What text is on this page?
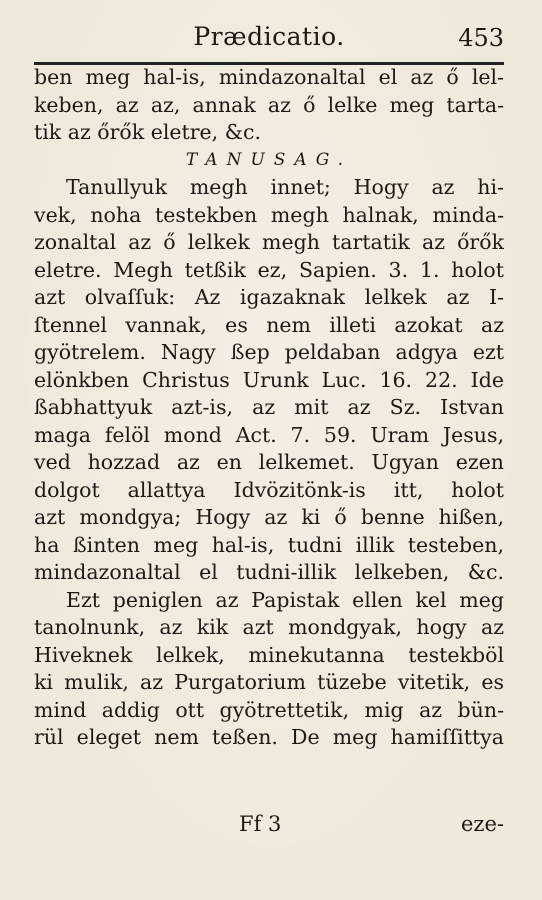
Prædicatio.	453
ben meg hal-is, mindazonaltal el az ő lel-
keben, az az, annak az ő lelke meg tarta-
tik az őrők eletre, &c.
TANUSAG.
Tanullyuk megh innet; Hogy az hi-
vek, noha testekben megh halnak, minda-
zonaltal az ő lelkek megh tartatik az őrők
eletre. Megh tetßik ez, Sapien. 3. 1. holot
azt olvaſſuk: Az igazaknak lelkek az I-
ſtennel vannak, es nem illeti azokat az
gyötrelem. Nagy ßep peldaban adgya ezt
elönkben Christus Urunk Luc. 16. 22. Ide
ßabhattyuk azt-is, az mit az Sz. Istvan
maga felöl mond Act. 7. 59. Uram Jesus,
ved hozzad az en lelkemet. Ugyan ezen
dolgot allattya Idvözitönk-is itt, holot
azt mondgya; Hogy az ki ő benne hißen,
ha ßinten meg hal-is, tudni illik testeben,
mindazonaltal el tudni-illik lelkeben, &c.
Ezt peniglen az Papistak ellen kel meg
tanolnunk, az kik azt mondgyak, hogy az
Hiveknek lelkek, minekutanna testekböl
ki mulik, az Purgatorium tüzebe vitetik, es
mind addig ott gyötrettetik, mig az bün-
rül eleget nem teßen. De meg hamiſſittya
Ff 3	eze-
